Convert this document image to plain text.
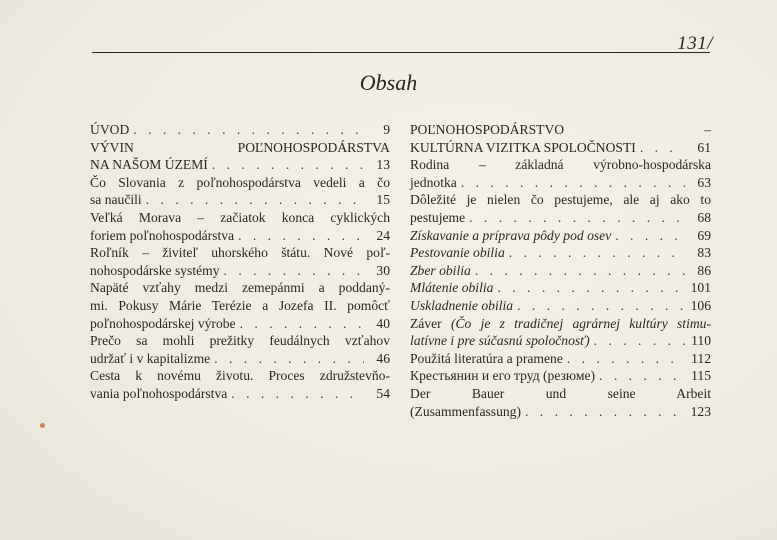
131/
Obsah
ÚVOD . . .	9
VÝVIN POĽNOHOSPODÁRSTVA
NA NAŠOM ÚZEMÍ . . .	13
Čo Slovania z poľnohospodárstva vedeli a čo
sa naučili . . .	15
Veľká Morava – začiatok konca cyklických
foriem poľnohospodárstva . . .	24
Roľník – živiteľ uhorského štátu. Nové poľ-
nohospodárske systémy . . .	30
Napäté vzťahy medzi zemepánmi a poddaný-
mi. Pokusy Márie Terézie a Jozefa II. pomôcť
poľnohospodárskej výrobe . . .	40
Prečo sa mohli prežitky feudálnych vzťahov
udržať i v kapitalizme . . .	46
Cesta k novému životu. Proces združstevňo-
vania poľnohospodárstva . . .	54
POĽNOHOSPODÁRSTVO –
KULTÚRNA VIZITKA SPOLOČNOSTI . . .	61
Rodina – základná výrobno-hospodárska
jednotka . . .	63
Dôležité je nielen čo pestujeme, ale aj ako to
pestujeme . . .	68
Získavanie a príprava pôdy pod osev . . .	69
Pestovanie obilia . . .	83
Zber obilia . . .	86
Mlátenie obilia . . .	101
Uskladnenie obilia . . .	106
Záver (Čo je z tradičnej agrárnej kultúry stimu-
latívne i pre súčasnú spoločnosť) . . .	110
Použitá literatúra a pramene . . .	112
Крестьянин и его труд (резюме) . . .	115
Der Bauer und seine Arbeit
(Zusammenfassung) . . .	123
